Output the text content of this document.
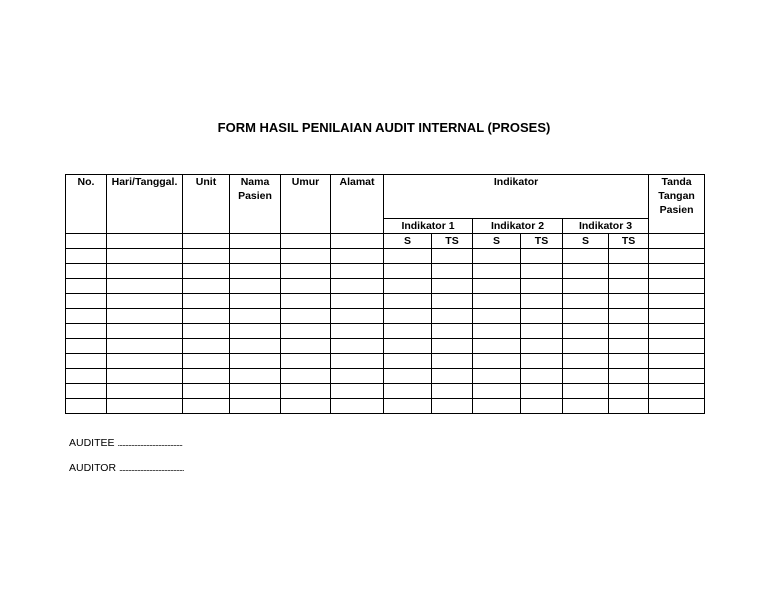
FORM HASIL PENILAIAN AUDIT INTERNAL (PROSES)
No.	Hari/Tanggal.	Unit	Nama Pasien	Umur	Alamat	Indikator						Tanda Tangan Pasien
						Indikator 1		Indikator 2		Indikator 3		
						S	TS	S	TS	S	TS	

AUDITEE ...........................................
AUDITOR ...........................................
